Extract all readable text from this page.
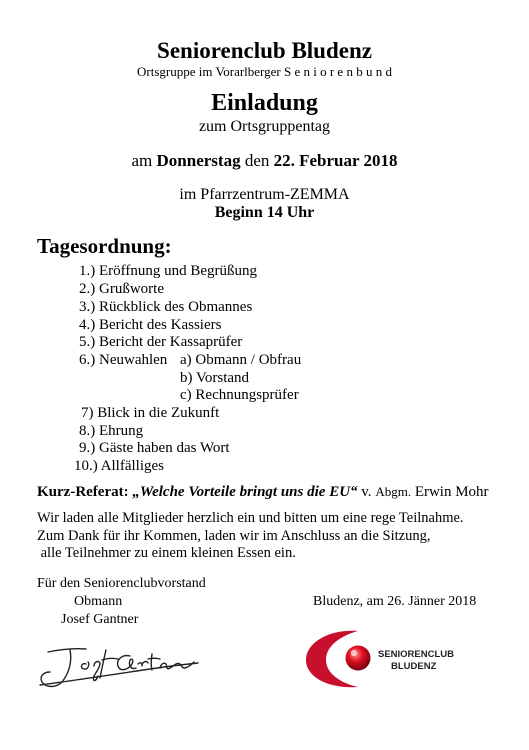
Seniorenclub Bludenz
Ortsgruppe im Vorarlberger S e n i o r e n b u n d
Einladung
zum Ortsgruppentag
am Donnerstag den 22. Februar 2018
im Pfarrzentrum-ZEMMA
Beginn 14 Uhr
Tagesordnung:
1.) Eröffnung und Begrüßung
2.) Grußworte
3.) Rückblick des Obmannes
4.) Bericht des Kassiers
5.) Bericht der Kassaprüfer
6.) Neuwahlen a) Obmann / Obfrau
b) Vorstand
c) Rechnungsprüfer
7) Blick in die Zukunft
8.) Ehrung
9.) Gäste haben das Wort
10.) Allfälliges
Kurz-Referat: „Welche Vorteile bringt uns die EU“ v. Abgm. Erwin Mohr
Wir laden alle Mitglieder herzlich ein und bitten um eine rege Teilnahme.
Zum Dank für ihr Kommen, laden wir im Anschluss an die Sitzung,
alle Teilnehmer zu einem kleinen Essen ein.
Für den Seniorenclubvorstand
Obmann
Josef Gantner
Bludenz, am 26. Jänner 2018
SENIORENCLUB
BLUDENZ
